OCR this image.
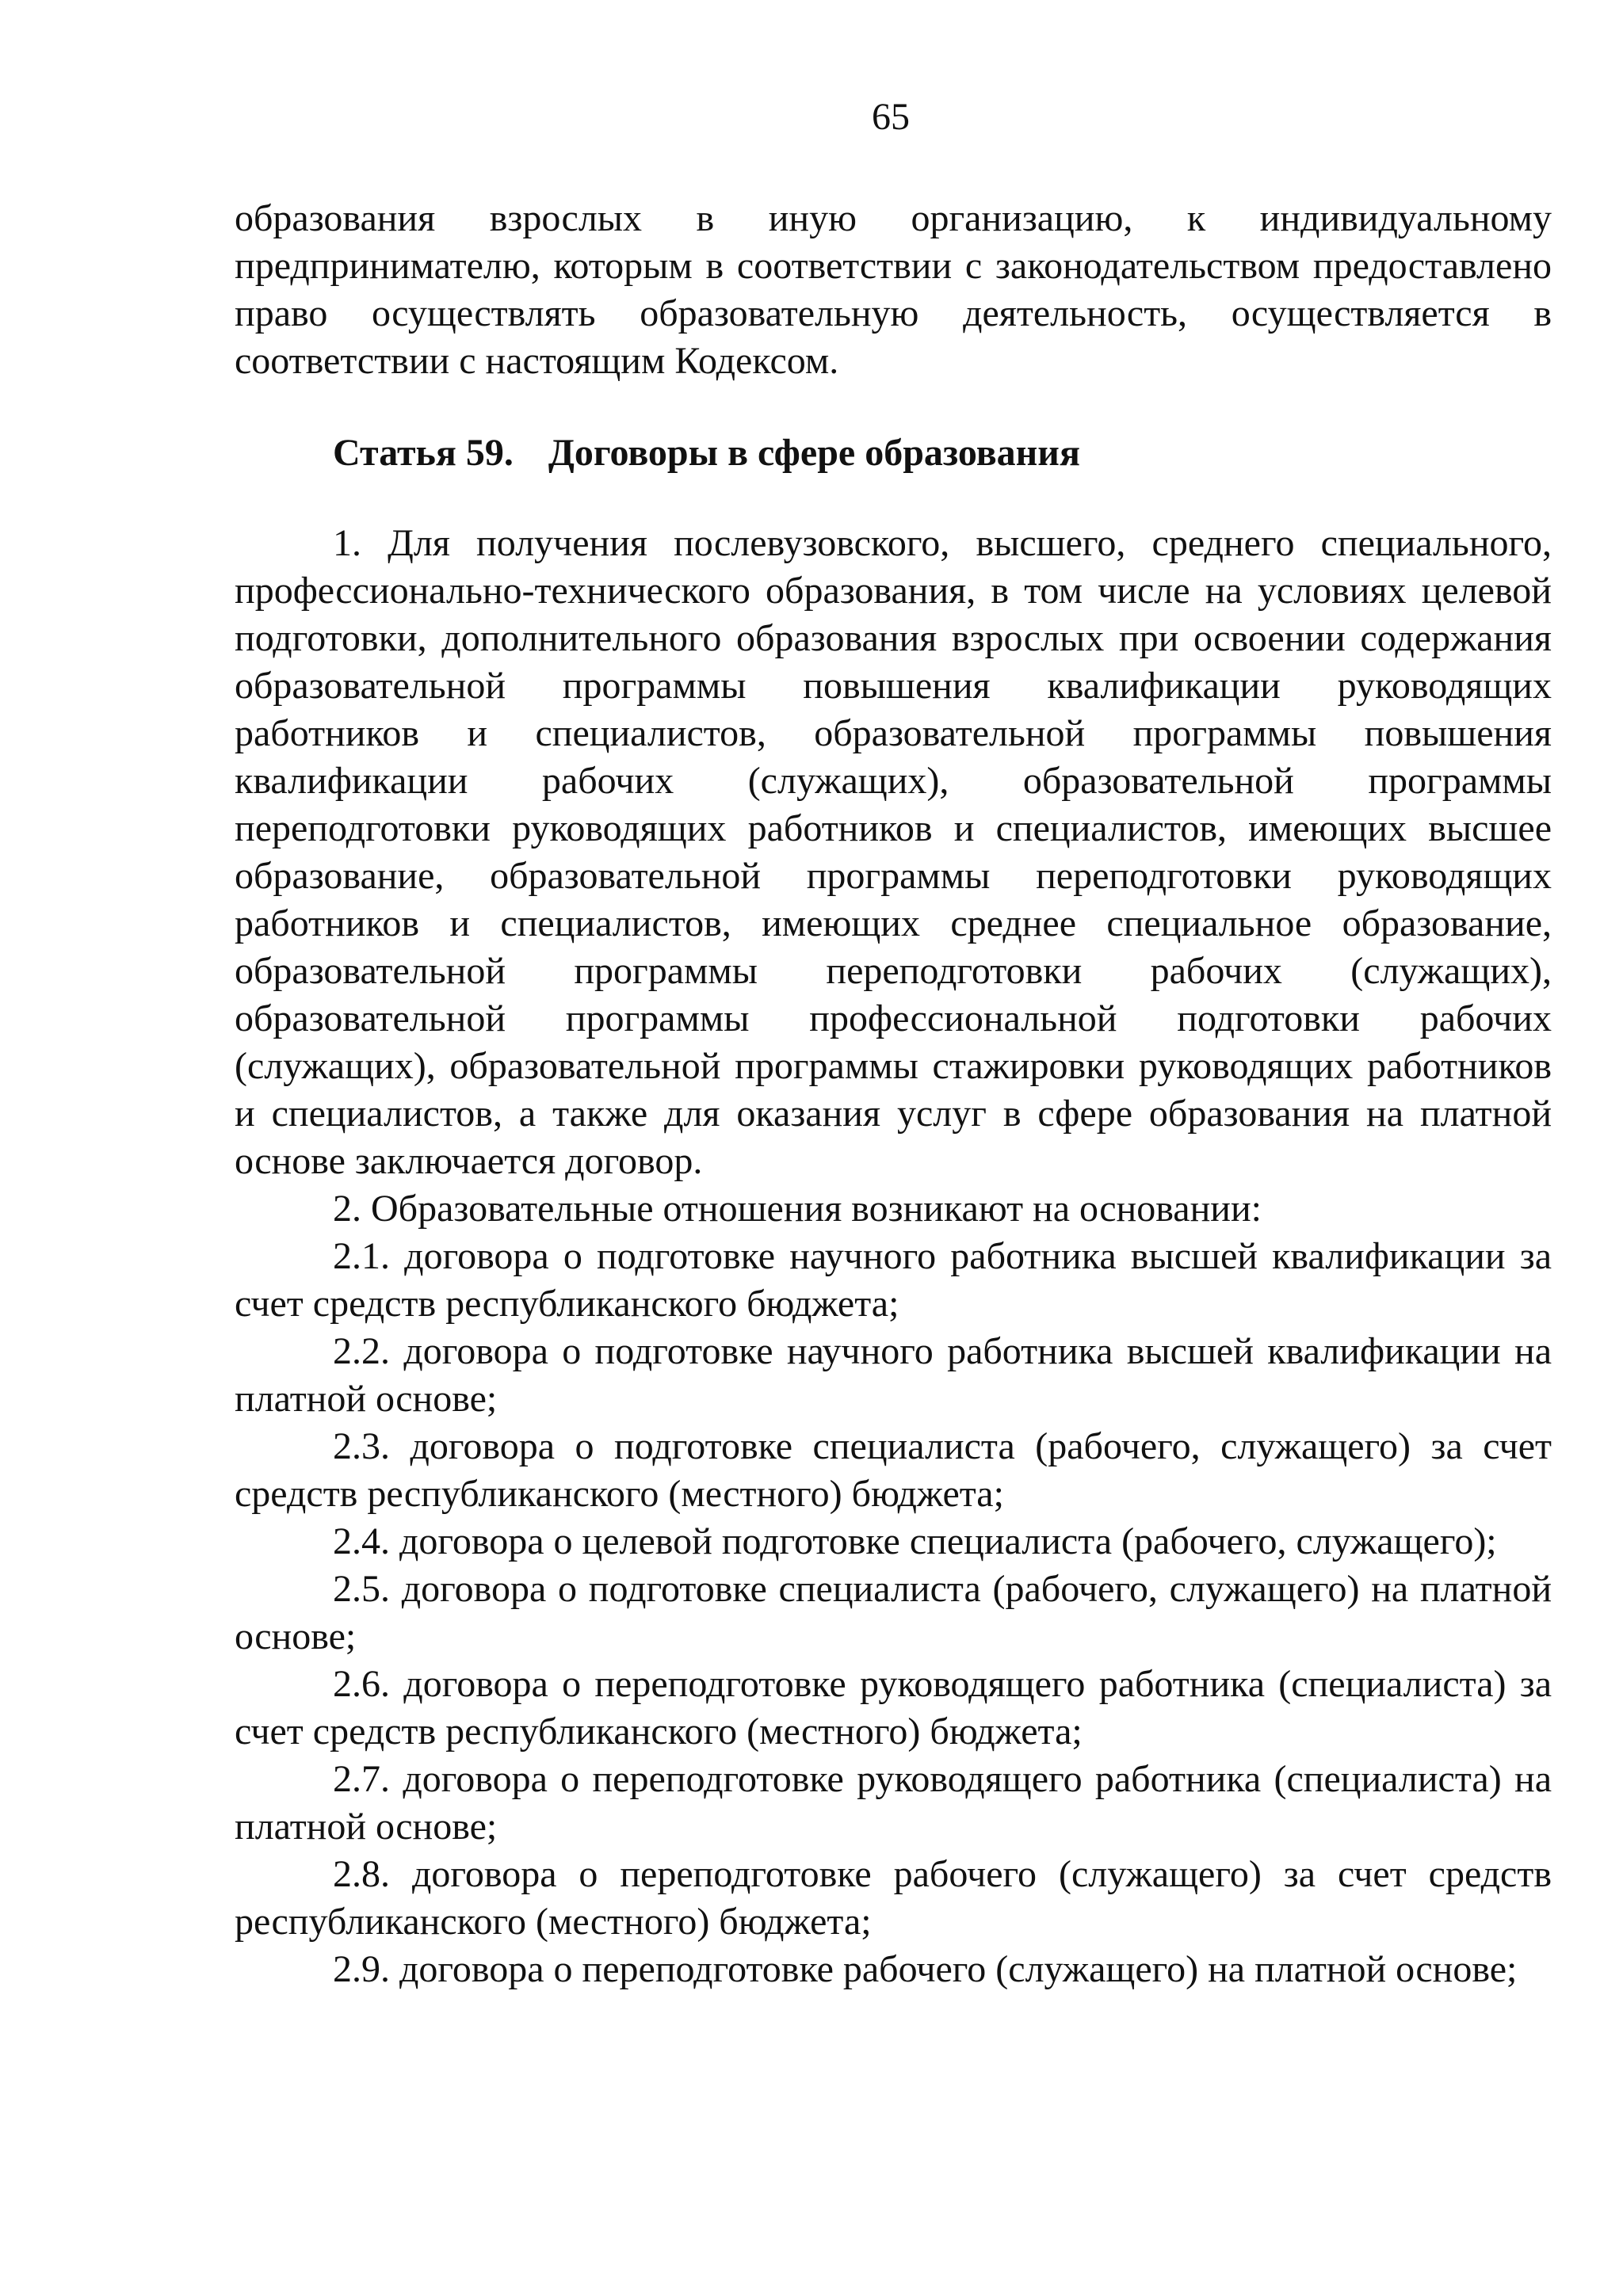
65

образования взрослых в иную организацию, к индивидуальному предпринимателю, которым в соответствии с законодательством предоставлено право осуществлять образовательную деятельность, осуществляется в соответствии с настоящим Кодексом.

Статья 59. Договоры в сфере образования

1. Для получения послевузовского, высшего, среднего специального, профессионально-технического образования, в том числе на условиях целевой подготовки, дополнительного образования взрослых при освоении содержания образовательной программы повышения квалификации руководящих работников и специалистов, образовательной программы повышения квалификации рабочих (служащих), образовательной программы переподготовки руководящих работников и специалистов, имеющих высшее образование, образовательной программы переподготовки руководящих работников и специалистов, имеющих среднее специальное образование, образовательной программы переподготовки рабочих (служащих), образовательной программы профессиональной подготовки рабочих (служащих), образовательной программы стажировки руководящих работников и специалистов, а также для оказания услуг в сфере образования на платной основе заключается договор.

2. Образовательные отношения возникают на основании:

2.1. договора о подготовке научного работника высшей квалификации за счет средств республиканского бюджета;

2.2. договора о подготовке научного работника высшей квалификации на платной основе;

2.3. договора о подготовке специалиста (рабочего, служащего) за счет средств республиканского (местного) бюджета;

2.4. договора о целевой подготовке специалиста (рабочего, служащего);

2.5. договора о подготовке специалиста (рабочего, служащего) на платной основе;

2.6. договора о переподготовке руководящего работника (специалиста) за счет средств республиканского (местного) бюджета;

2.7. договора о переподготовке руководящего работника (специалиста) на платной основе;

2.8. договора о переподготовке рабочего (служащего) за счет средств республиканского (местного) бюджета;

2.9. договора о переподготовке рабочего (служащего) на платной основе;
